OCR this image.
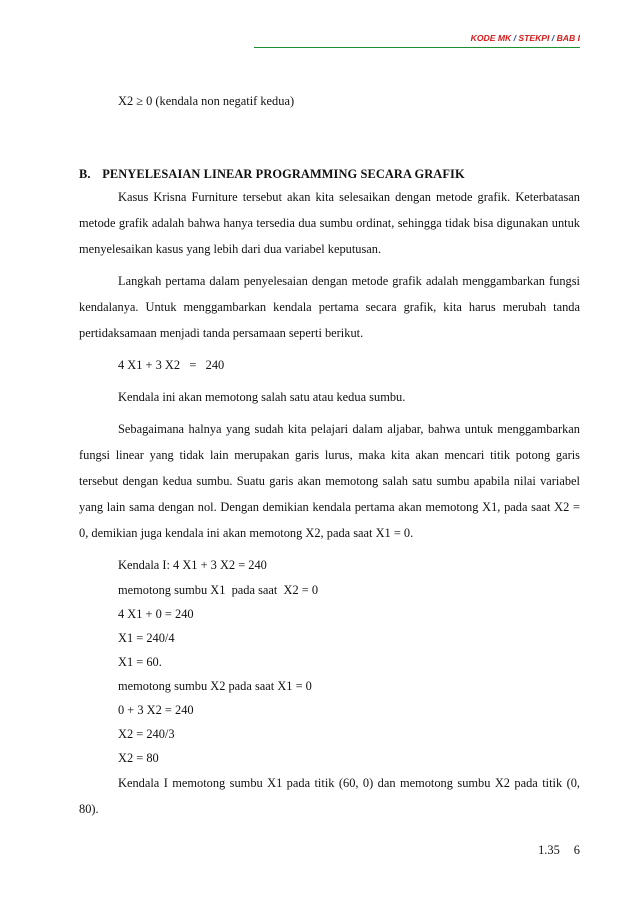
KODE MK / STEKPI / BAB I

X2 ≥ 0 (kendala non negatif kedua)

B. PENYELESAIAN LINEAR PROGRAMMING SECARA GRAFIK

Kasus Krisna Furniture tersebut akan kita selesaikan dengan metode grafik. Keterbatasan metode grafik adalah bahwa hanya tersedia dua sumbu ordinat, sehingga tidak bisa digunakan untuk menyelesaikan kasus yang lebih dari dua variabel keputusan.

Langkah pertama dalam penyelesaian dengan metode grafik adalah menggambarkan fungsi kendalanya. Untuk menggambarkan kendala pertama secara grafik, kita harus merubah tanda pertidaksamaan menjadi tanda persamaan seperti berikut.

4 X1 + 3 X2   =   240

Kendala ini akan memotong salah satu atau kedua sumbu.

Sebagaimana halnya yang sudah kita pelajari dalam aljabar, bahwa untuk menggambarkan fungsi linear yang tidak lain merupakan garis lurus, maka kita akan mencari titik potong garis tersebut dengan kedua sumbu. Suatu garis akan memotong salah satu sumbu apabila nilai variabel yang lain sama dengan nol. Dengan demikian kendala pertama akan memotong X1, pada saat X2 = 0, demikian juga kendala ini akan memotong X2, pada saat X1 = 0.

Kendala I: 4 X1 + 3 X2 = 240

memotong sumbu X1  pada saat  X2 = 0

4 X1 + 0 = 240

X1 = 240/4

X1 = 60.

memotong sumbu X2 pada saat X1 = 0

0 + 3 X2 = 240

X2 = 240/3

X2 = 80

Kendala I memotong sumbu X1 pada titik (60, 0) dan memotong sumbu X2 pada titik (0, 80).

1.35 6
